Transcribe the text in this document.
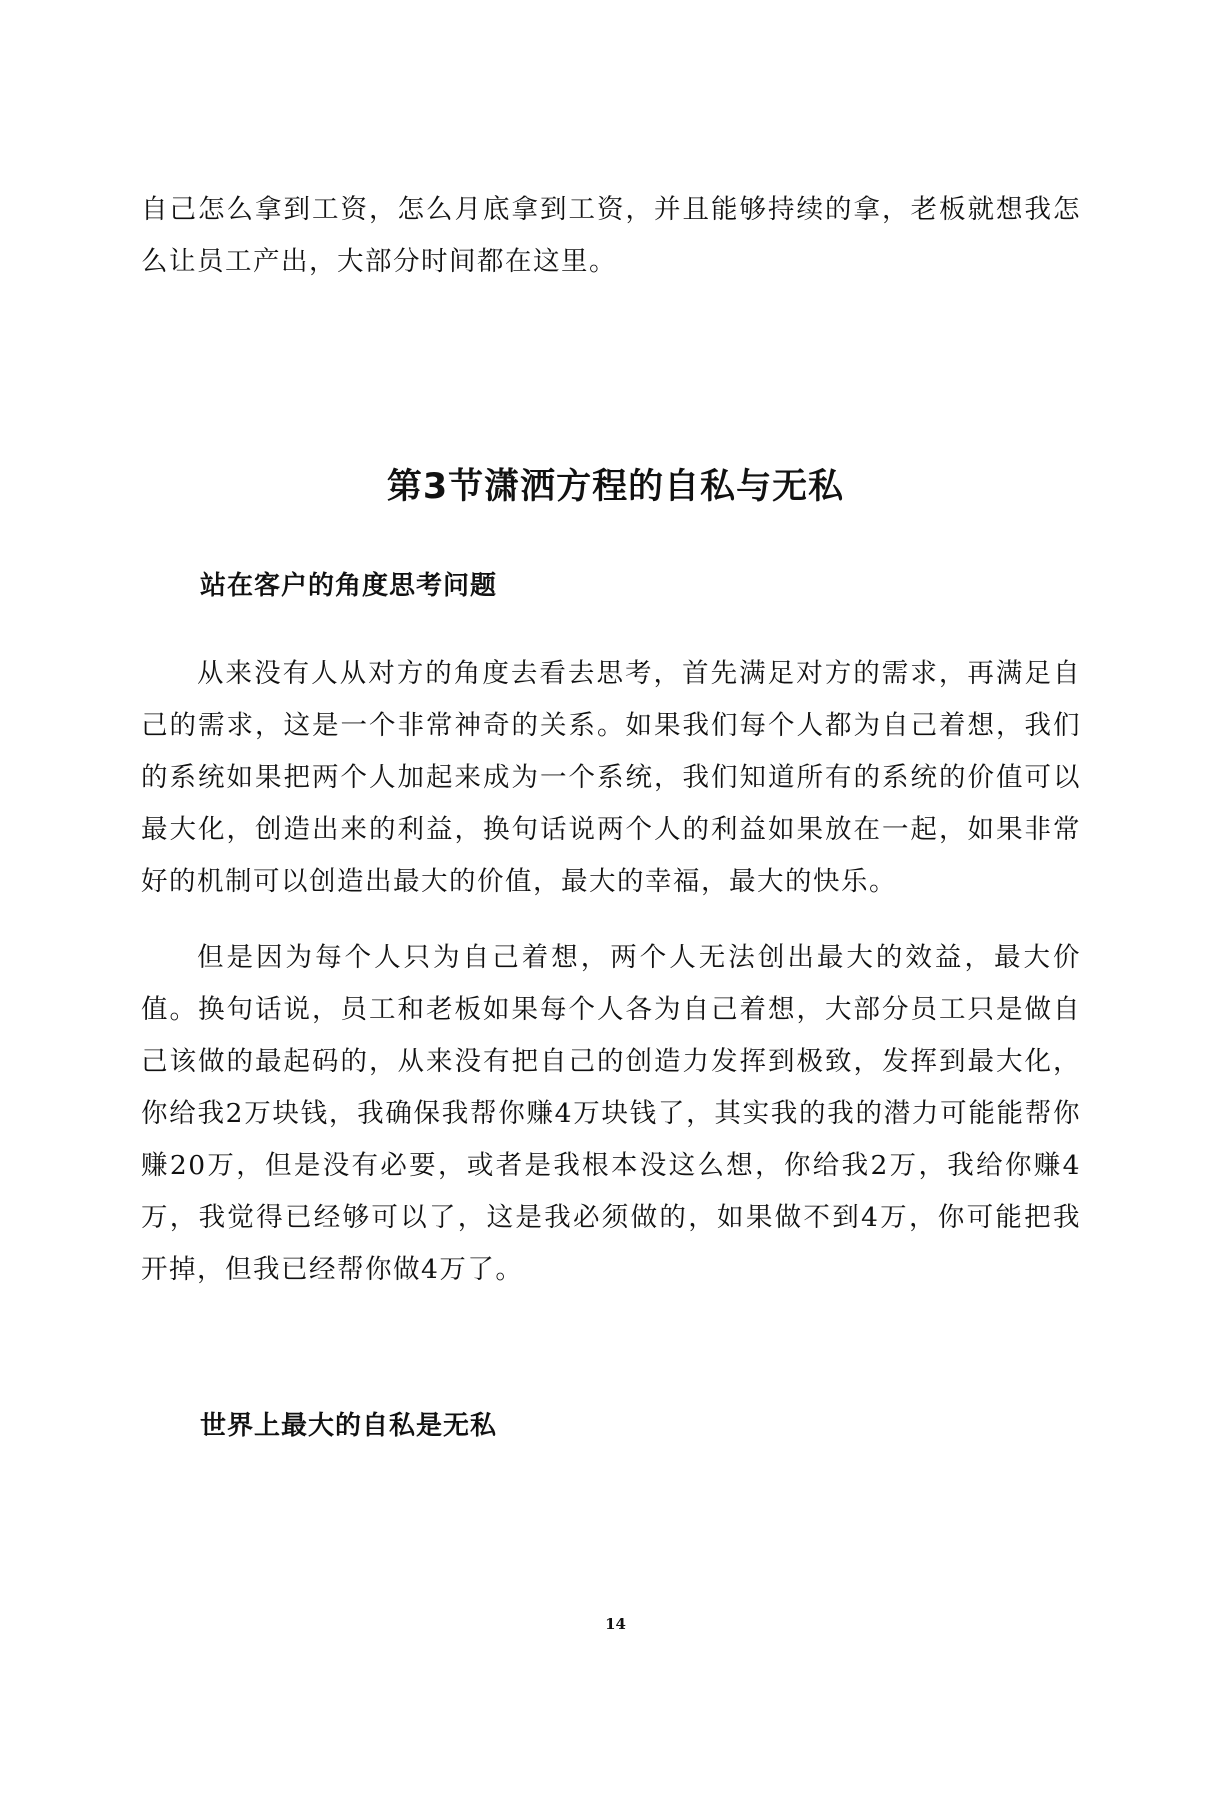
自己怎么拿到工资，怎么月底拿到工资，并且能够持续的拿，老板就想我怎么让员工产出，大部分时间都在这里。

第3节潇洒方程的自私与无私
站在客户的角度思考问题

从来没有人从对方的角度去看去思考，首先满足对方的需求，再满足自己的需求，这是一个非常神奇的关系。如果我们每个人都为自己着想，我们的系统如果把两个人加起来成为一个系统，我们知道所有的系统的价值可以最大化，创造出来的利益，换句话说两个人的利益如果放在一起，如果非常好的机制可以创造出最大的价值，最大的幸福，最大的快乐。

但是因为每个人只为自己着想，两个人无法创出最大的效益，最大价值。换句话说，员工和老板如果每个人各为自己着想，大部分员工只是做自己该做的最起码的，从来没有把自己的创造力发挥到极致，发挥到最大化，你给我2万块钱，我确保我帮你赚4万块钱了，其实我的我的潜力可能能帮你赚20万，但是没有必要，或者是我根本没这么想，你给我2万，我给你赚4万，我觉得已经够可以了，这是我必须做的，如果做不到4万，你可能把我开掉，但我已经帮你做4万了。

世界上最大的自私是无私
14
